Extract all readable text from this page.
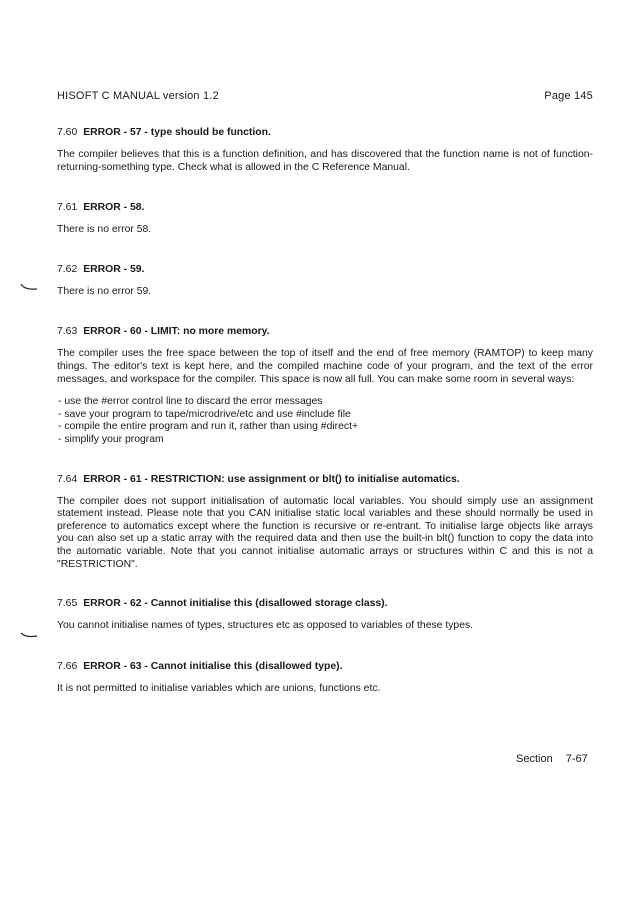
HISOFT C MANUAL version 1.2	Page 145

7.60 ERROR - 57 - type should be function.

The compiler believes that this is a function definition, and has discovered that the function name is not of function-returning-something type. Check what is allowed in the C Reference Manual.

7.61 ERROR - 58.

There is no error 58.

7.62 ERROR - 59.

There is no error 59.

7.63 ERROR - 60 - LIMIT: no more memory.

The compiler uses the free space between the top of itself and the end of free memory (RAMTOP) to keep many things. The editor's text is kept here, and the compiled machine code of your program, and the text of the error messages, and workspace for the compiler. This space is now all full. You can make some room in several ways:

- use the #error control line to discard the error messages
- save your program to tape/microdrive/etc and use #include file
- compile the entire program and run it, rather than using #direct+
- simplify your program

7.64 ERROR - 61 - RESTRICTION: use assignment or blt() to initialise automatics.

The compiler does not support initialisation of automatic local variables. You should simply use an assignment statement instead. Please note that you CAN initialise static local variables and these should normally be used in preference to automatics except where the function is recursive or re-entrant. To initialise large objects like arrays you can also set up a static array with the required data and then use the built-in blt() function to copy the data into the automatic variable. Note that you cannot initialise automatic arrays or structures within C and this is not a "RESTRICTION".

7.65 ERROR - 62 - Cannot initialise this (disallowed storage class).

You cannot initialise names of types, structures etc as opposed to variables of these types.

7.66 ERROR - 63 - Cannot initialise this (disallowed type).

It is not permitted to initialise variables which are unions, functions etc.

Section 7-67
